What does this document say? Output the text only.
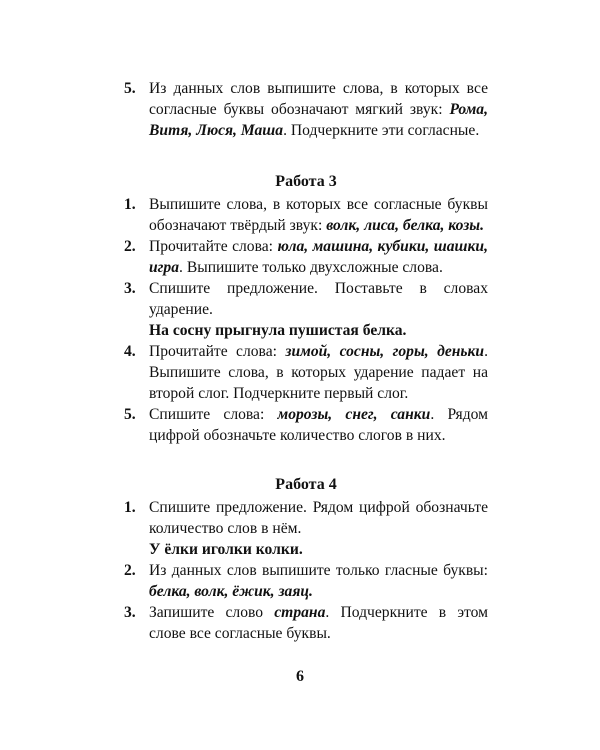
5. Из данных слов выпишите слова, в которых все согласные буквы обозначают мягкий звук: Рома, Витя, Люся, Маша. Подчеркните эти согласные.

Работа 3

1. Выпишите слова, в которых все согласные буквы обозначают твёрдый звук: волк, лиса, белка, козы.

2. Прочитайте слова: юла, машина, кубики, шашки, игра. Выпишите только двухсложные слова.

3. Спишите предложение. Поставьте в словах ударение.

На сосну прыгнула пушистая белка.

4. Прочитайте слова: зимой, сосны, горы, деньки. Выпишите слова, в которых ударение падает на второй слог. Подчеркните первый слог.

5. Спишите слова: морозы, снег, санки. Рядом цифрой обозначьте количество слогов в них.

Работа 4

1. Спишите предложение. Рядом цифрой обозначьте количество слов в нём.

У ёлки иголки колки.

2. Из данных слов выпишите только гласные буквы: белка, волк, ёжик, заяц.

3. Запишите слово страна. Подчеркните в этом слове все согласные буквы.

6
